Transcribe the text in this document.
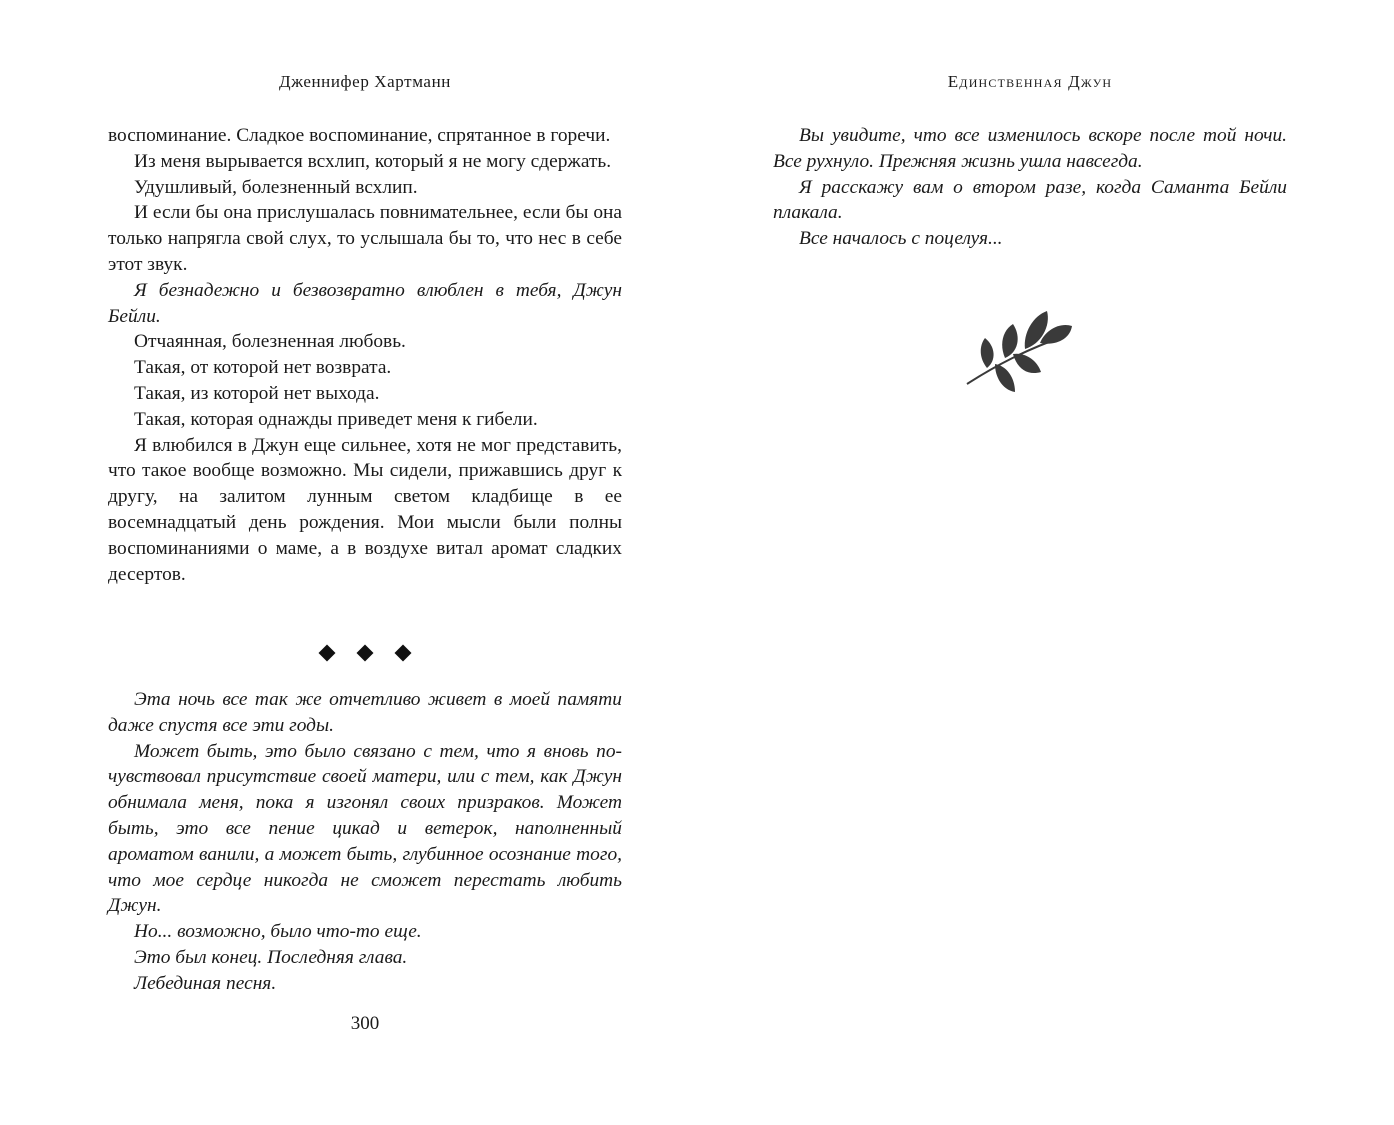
Дженнифер Хартманн

воспоминание. Сладкое воспоминание, спрятанное в горечи.

Из меня вырывается всхлип, который я не могу сдержать.

Удушливый, болезненный всхлип.

И если бы она прислушалась повнимательнее, если бы она только напрягла свой слух, то услышала бы то, что нес в себе этот звук.

Я безнадежно и безвозвратно влюблен в тебя, Джун Бейли.

Отчаянная, болезненная любовь.

Такая, от которой нет возврата.

Такая, из которой нет выхода.

Такая, которая однажды приведет меня к гибели.

Я влюбился в Джун еще сильнее, хотя не мог представить, что такое вообще возможно. Мы сидели, прижавшись друг к другу, на залитом лунным светом кладбище в ее восемнадцатый день рождения. Мои мысли были полны воспоминаниями о маме, а в воздухе витал аромат сладких десертов.

Эта ночь все так же отчетливо живет в моей памяти даже спустя все эти годы.

Может быть, это было связано с тем, что я вновь почувствовал присутствие своей матери, или с тем, как Джун обнимала меня, пока я изгонял своих призраков. Может быть, это все пение цикад и ветерок, наполненный ароматом ванили, а может быть, глубинное осознание того, что мое сердце никогда не сможет перестать любить Джун.

Но... возможно, было что-то еще.

Это был конец. Последняя глава.

Лебединая песня.

300
Единственная Джун

Вы увидите, что все изменилось вскоре после той ночи. Все рухнуло. Прежняя жизнь ушла навсегда.

Я расскажу вам о втором разе, когда Саманта Бейли плакала.

Все началось с поцелуя...
